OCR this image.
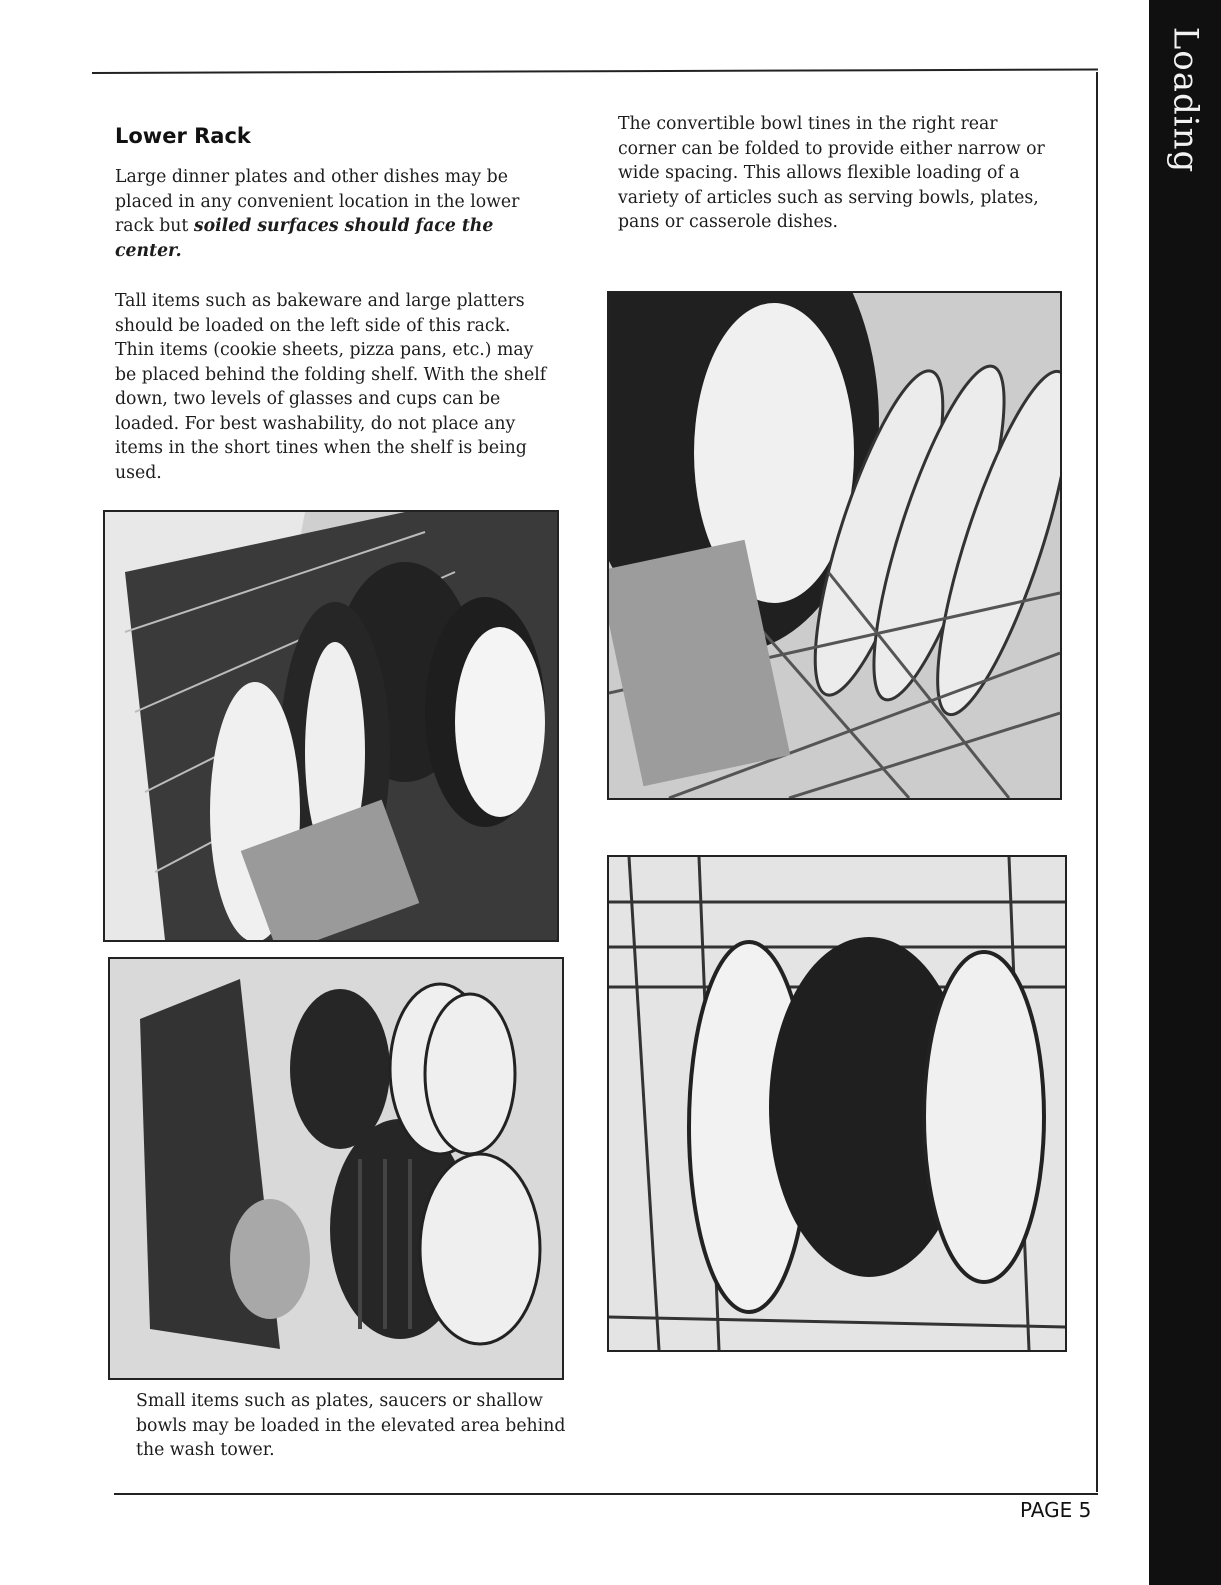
Loading
Lower Rack

Large dinner plates and other dishes may be placed in any convenient location in the lower rack but soiled surfaces should face the center.

Tall items such as bakeware and large platters should be loaded on the left side of this rack. Thin items (cookie sheets, pizza pans, etc.) may be placed behind the folding shelf. With the shelf down, two levels of glasses and cups can be loaded. For best washability, do not place any items in the short tines when the shelf is being used.

The convertible bowl tines in the right rear corner can be folded to provide either narrow or wide spacing. This allows flexible loading of a variety of articles such as serving bowls, plates, pans or casserole dishes.

Small items such as plates, saucers or shallow bowls may be loaded in the elevated area behind the wash tower.

PAGE 5
